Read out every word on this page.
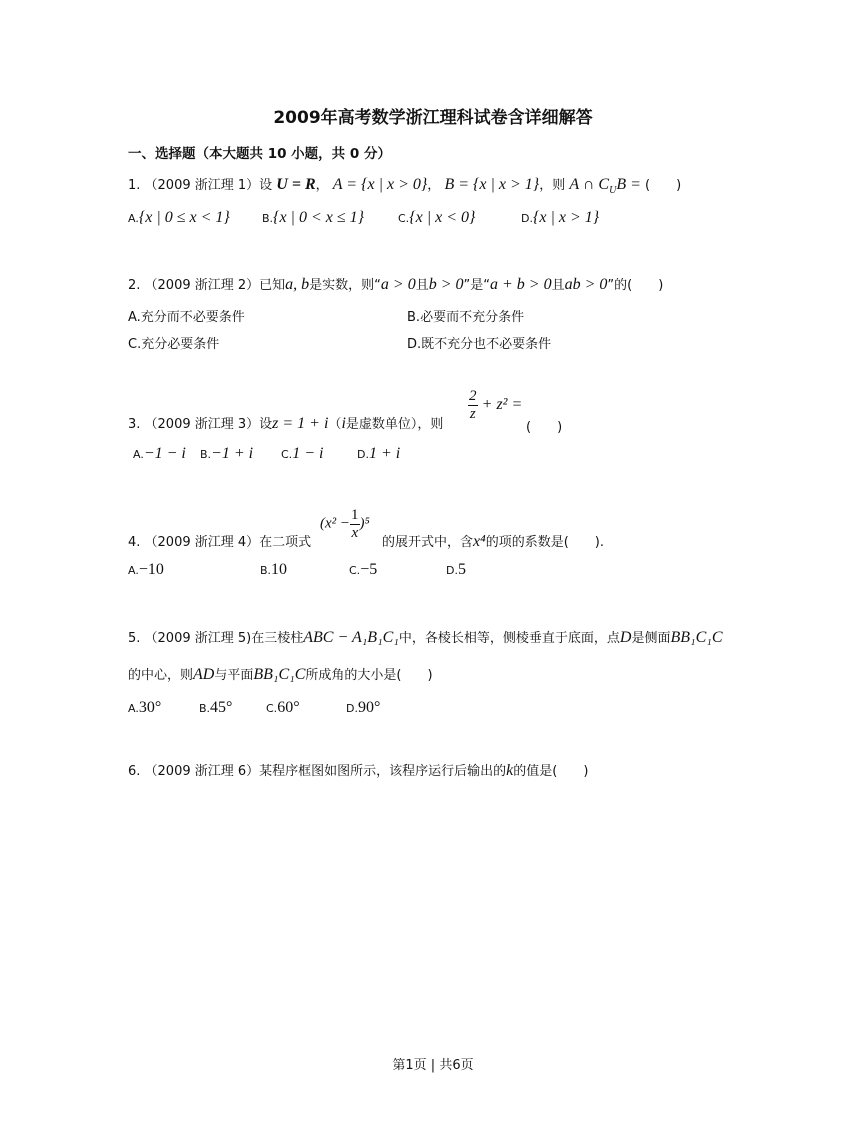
2009年高考数学浙江理科试卷含详细解答
一、选择题（本大题共 10 小题，共 0 分）
1. （2009 浙江理 1）设 U = R， A = {x | x > 0}， B = {x | x > 1}，则 A ∩ $C_UB$ = (　　)
A.{x | 0 ≤ x < 1}	B.{x | 0 < x ≤ 1}	C.{x | x < 0}	D.{x | x > 1}
2. （2009 浙江理 2）已知a, b是实数，则“a > 0且b > 0”是“a + b > 0且ab > 0”的(　　)
A.充分而不必要条件	B.必要而不充分条件
C.充分必要条件	D.既不充分也不必要条件
3. （2009 浙江理 3）设z = 1 + i（i是虚数单位），则
$\frac{2}{z} + z^2$ =
(　　)
A.−1 − i B.−1 + i	C.1 − i	D.1 + i
4. （2009 浙江理 4）在二项式
$(x^2 - \frac{1}{x} )^5$
的展开式中，含x⁴的项的系数是(　　).
A.−10	B.10	C.−5	D.5
5. （2009 浙江理 5)在三棱柱ABC − A₁B₁C₁中，各棱长相等，侧棱垂直于底面，点D是侧面BB₁C₁C
的中心，则AD与平面BB₁C₁C所成角的大小是(　　)
A.30°	B.45°	C.60°	D.90°
6. （2009 浙江理 6）某程序框图如图所示，该程序运行后输出的k的值是(　　)
第1页 | 共6页
